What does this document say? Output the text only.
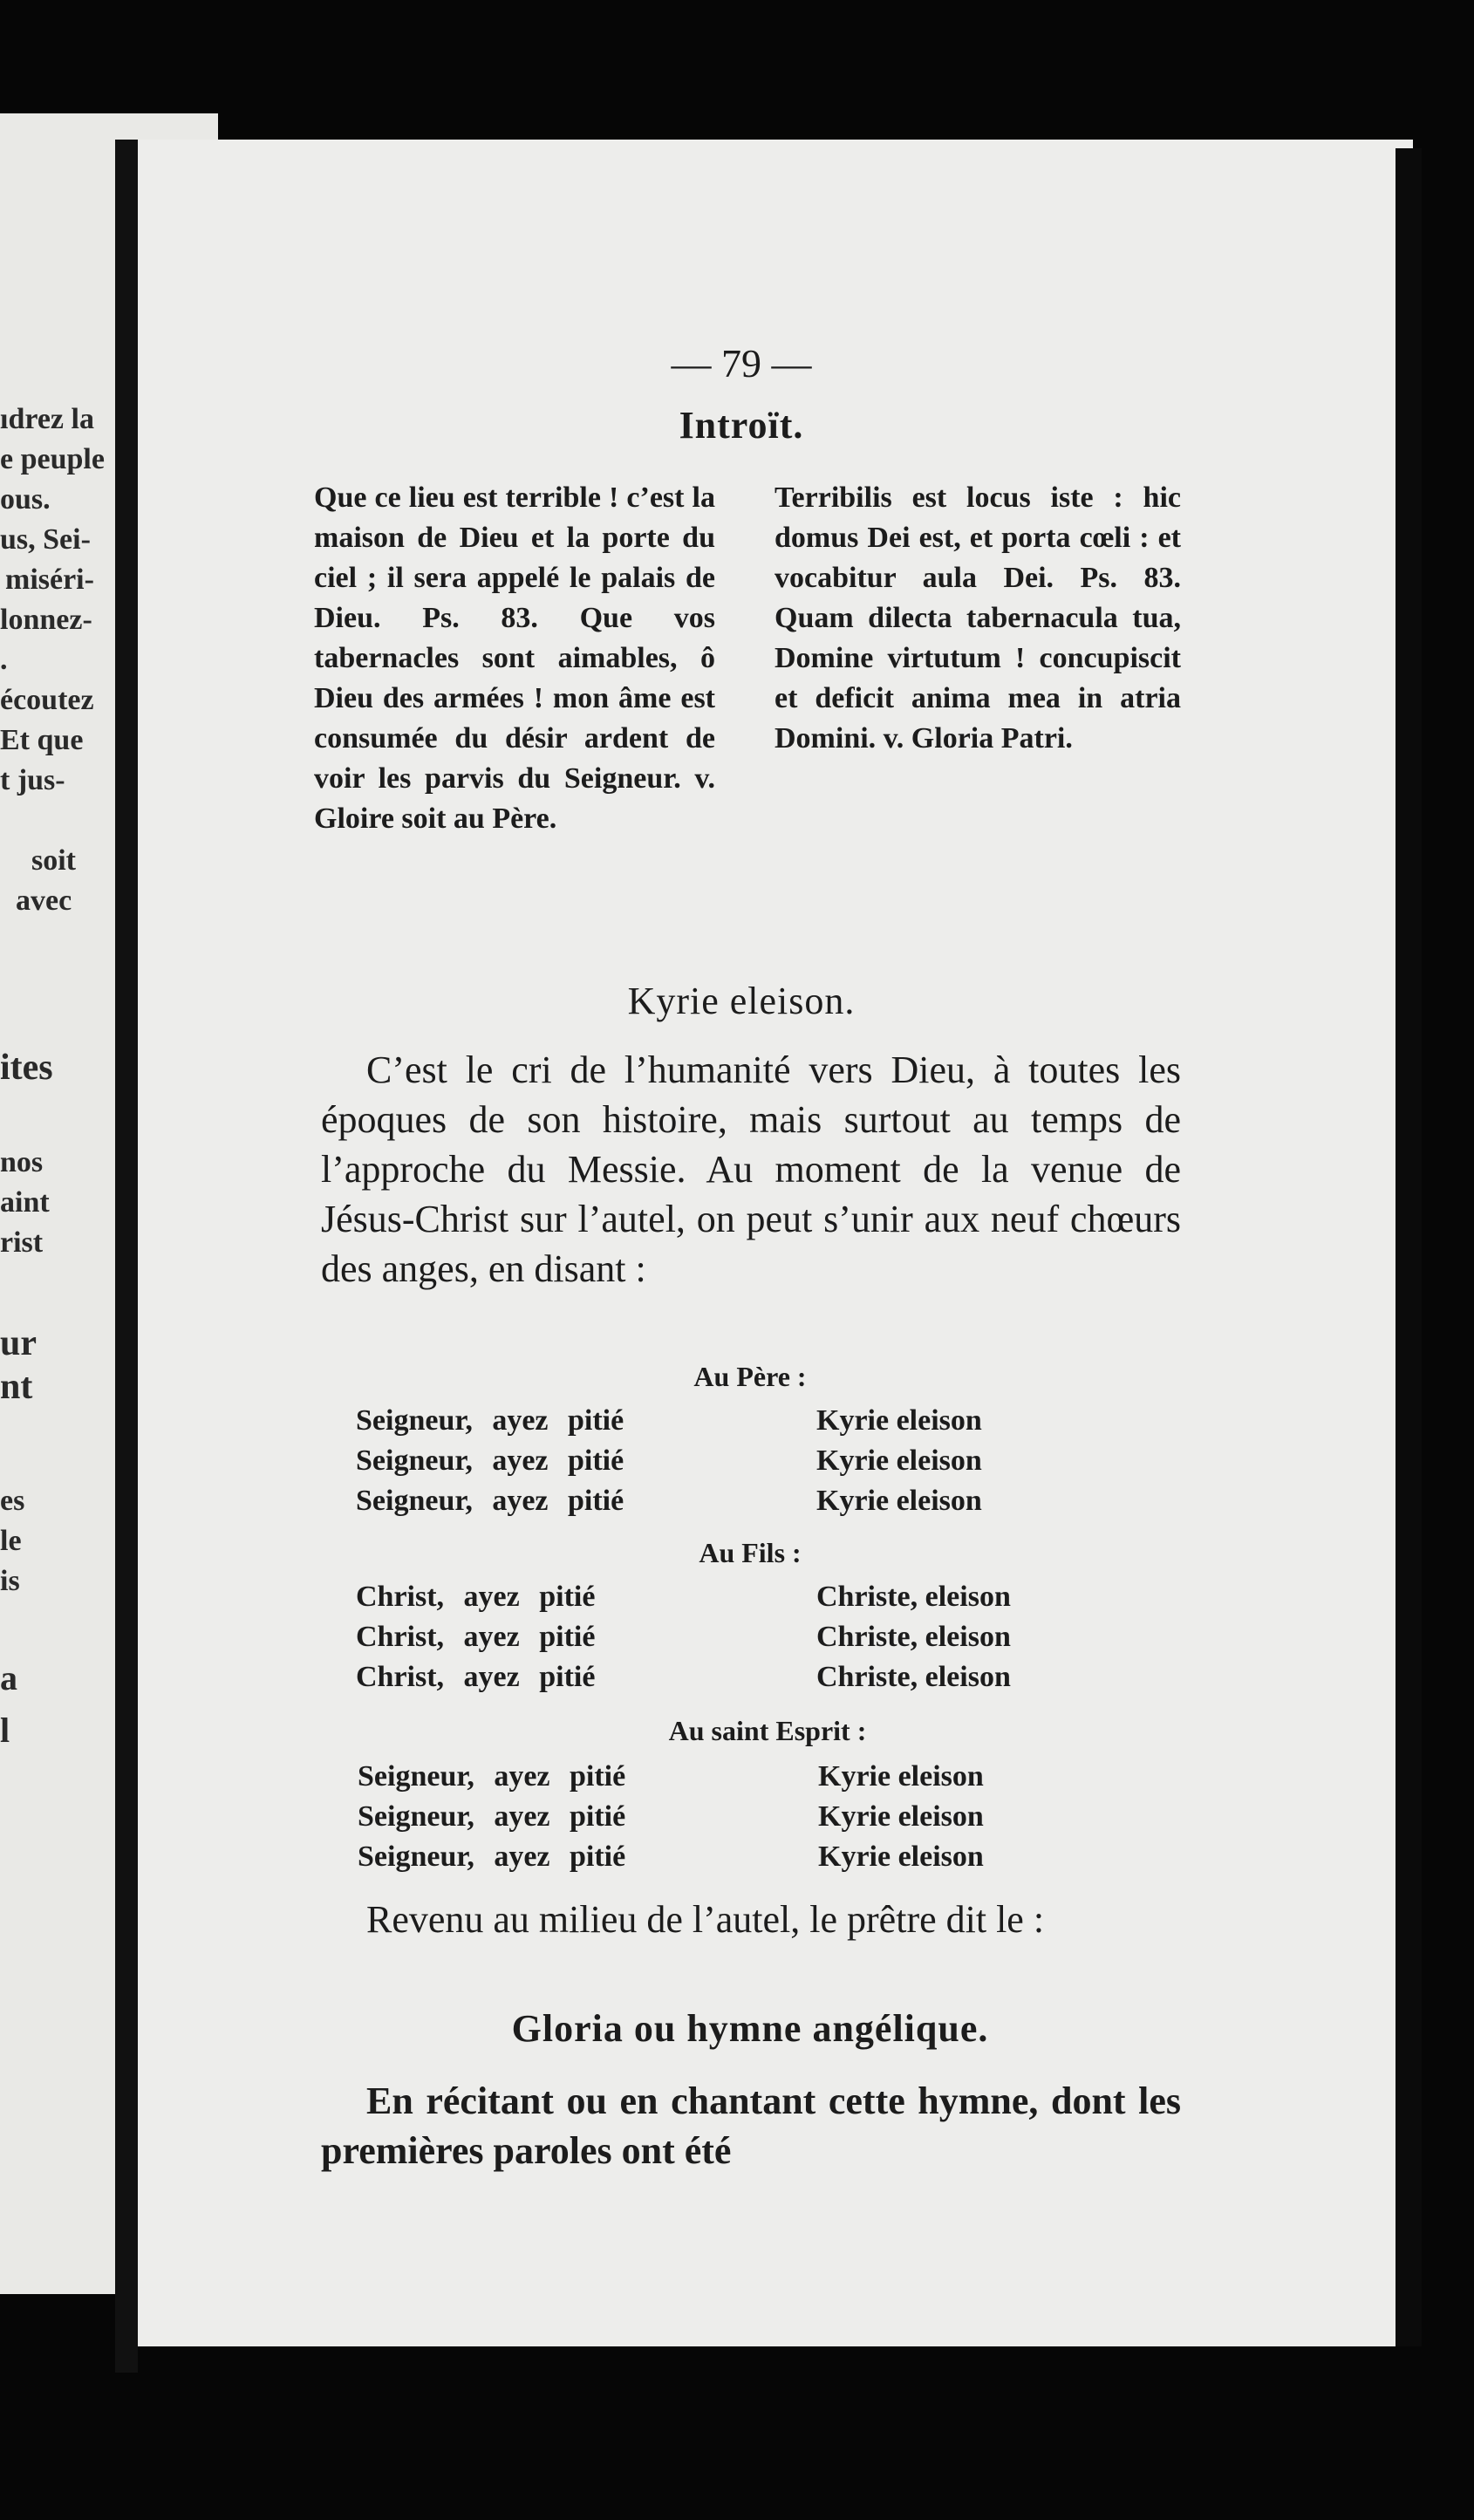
ıdrez la
e peuple
ous.
us, Sei-
miséri-
lonnez-
.
écoutez
Et que
t jus-
soit
avec
ites
nos
aint
rist
ur
nt
es
le
is
a
l
— 79 —
Introït.
Que ce lieu est terrible ! c’est la maison de Dieu et la porte du ciel ; il sera appelé le palais de Dieu. Ps. 83. Que vos tabernacles sont aimables, ô Dieu des armées ! mon âme est consumée du désir ardent de voir les parvis du Seigneur. v. Gloire soit au Père.
Terribilis est locus iste : hic domus Dei est, et porta cœli : et vocabitur aula Dei. Ps. 83. Quam dilecta tabernacula tua, Domine virtutum ! concupiscit et deficit anima mea in atria Domini. v. Gloria Patri.
Kyrie eleison.
C’est le cri de l’humanité vers Dieu, à toutes les époques de son histoire, mais surtout au temps de l’approche du Messie. Au moment de la venue de Jésus-Christ sur l’autel, on peut s’unir aux neuf chœurs des anges, en disant :
Au Père :
Seigneur, ayez pitié	Kyrie eleison
Seigneur, ayez pitié	Kyrie eleison
Seigneur, ayez pitié	Kyrie eleison
Au Fils :
Christ, ayez pitié	Christe, eleison
Christ, ayez pitié	Christe, eleison
Christ, ayez pitié	Christe, eleison
Au saint Esprit :
Seigneur, ayez pitié	Kyrie eleison
Seigneur, ayez pitié	Kyrie eleison
Seigneur, ayez pitié	Kyrie eleison
Revenu au milieu de l’autel, le prêtre dit le :
Gloria ou hymne angélique.
En récitant ou en chantant cette hymne, dont les premières paroles ont été
